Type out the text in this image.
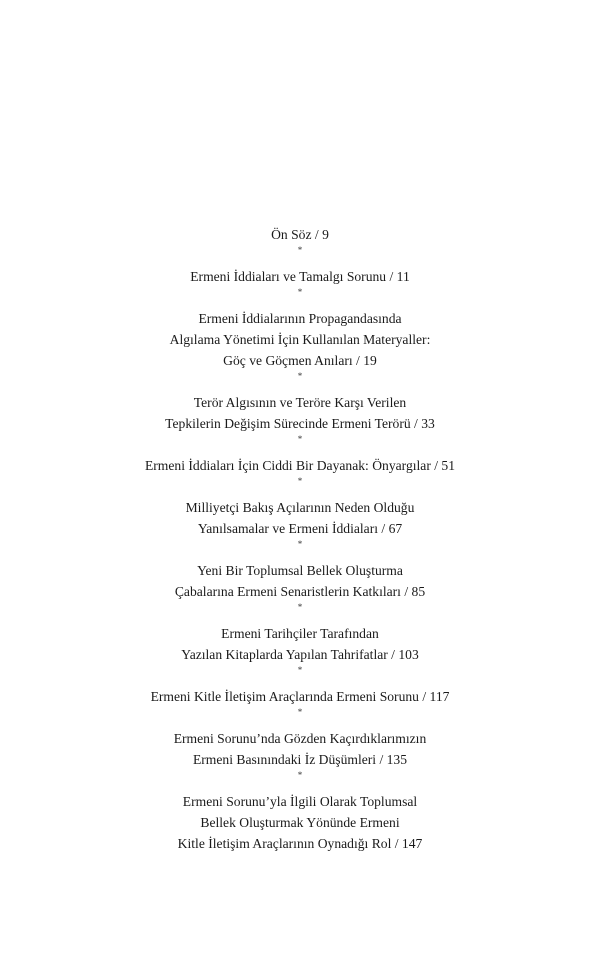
Ön Söz / 9
*
Ermeni İddiaları ve Tamalgı Sorunu / 11
*
Ermeni İddialarının Propagandasında
Algılama Yönetimi İçin Kullanılan Materyaller:
Göç ve Göçmen Anıları / 19
*
Terör Algısının ve Teröre Karşı Verilen
Tepkilerin Değişim Sürecinde Ermeni Terörü / 33
*
Ermeni İddiaları İçin Ciddi Bir Dayanak: Önyargılar / 51
*
Milliyetçi Bakış Açılarının Neden Olduğu
Yanılsamalar ve Ermeni İddiaları / 67
*
Yeni Bir Toplumsal Bellek Oluşturma
Çabalarına Ermeni Senaristlerin Katkıları / 85
*
Ermeni Tarihçiler Tarafından
Yazılan Kitaplarda Yapılan Tahrifatlar / 103
*
Ermeni Kitle İletişim Araçlarında Ermeni Sorunu / 117
*
Ermeni Sorunu’nda Gözden Kaçırdıklarımızın
Ermeni Basınındaki İz Düşümleri / 135
*
Ermeni Sorunu’yla İlgili Olarak Toplumsal
Bellek Oluşturmak Yönünde Ermeni
Kitle İletişim Araçlarının Oynadığı Rol / 147
